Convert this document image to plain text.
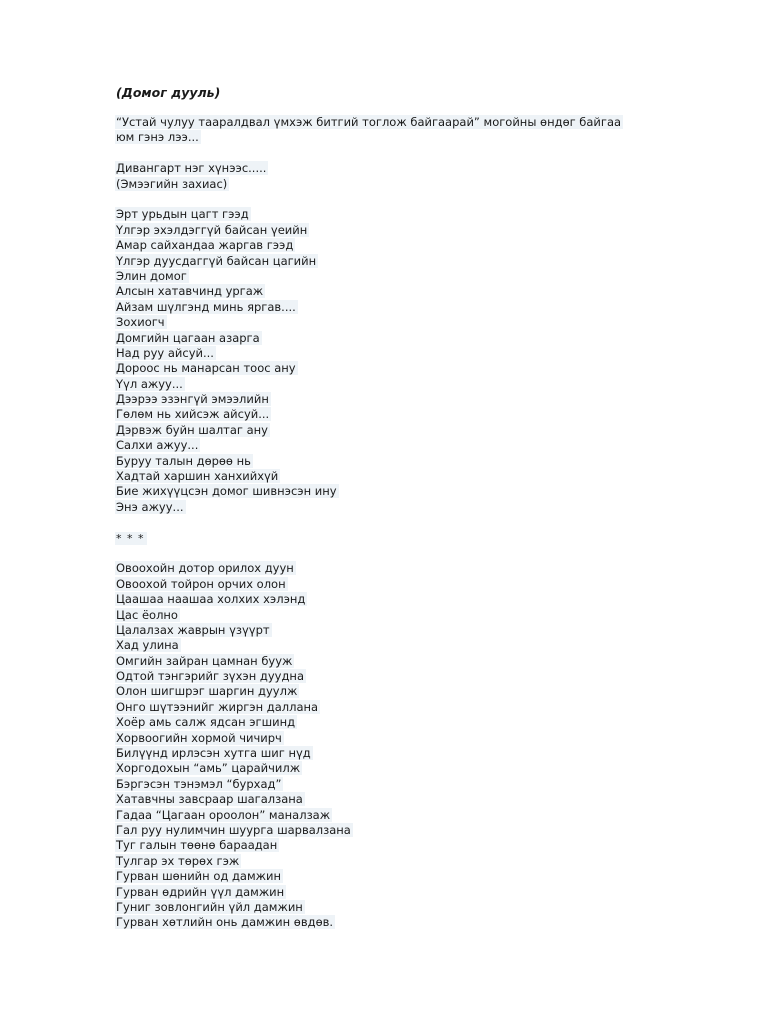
(Домог дууль)
“Устай чулуу тааралдвал үмхэж битгий тоглож байгаарай” могойны өндөг байгаа юм гэнэ лээ...
Дивангарт нэг хүнээс.....
(Эмээгийн захиас)
Эрт урьдын цагт гээд
Үлгэр эхэлдэггүй байсан үеийн
Амар сайхандаа жаргав гээд
Үлгэр дуусдаггүй байсан цагийн
Элин домог
Алсын хатавчинд ургаж
Айзам шүлгэнд минь яргав....
Зохиогч
Домгийн цагаан азарга
Над руу айсуй...
Дороос нь манарсан тоос ану
Үүл ажуу...
Дээрээ эзэнгүй эмээлийн
Гөлөм нь хийсэж айсуй...
Дэрвэж буйн шалтаг ану
Салхи ажуу...
Буруу талын дөрөө нь
Хадтай харшин ханхийхүй
Бие жихүүцсэн домог шивнэсэн ину
Энэ ажуу...
* * *
Овоохойн дотор орилох дуун
Овоохой тойрон орчих олон
Цаашаа наашаа холхих хэлэнд
Цас ёолно
Цалалзах жаврын үзүүрт
Хад улина
Омгийн зайран цамнан бууж
Одтой тэнгэрийг зүхэн дуудна
Олон шигшрэг шаргин дуулж
Онго шүтээнийг жиргэн даллана
Хоёр амь салж ядсан эгшинд
Хорвоогийн хормой чичирч
Билүүнд ирлэсэн хутга шиг нүд
Хоргодохын “амь” царайчилж
Бэргэсэн тэнэмэл “бурхад”
Хатавчны завсраар шагалзана
Гадаа “Цагаан ороолон” маналзаж
Гал руу нулимчин шуурга шарвалзана
Туг галын төөнө бараадан
Тулгар эх төрөх гэж
Гурван шөнийн од дамжин
Гурван өдрийн үүл дамжин
Гуниг зовлонгийн үйл дамжин
Гурван хөтлийн онь дамжин өвдөв.
